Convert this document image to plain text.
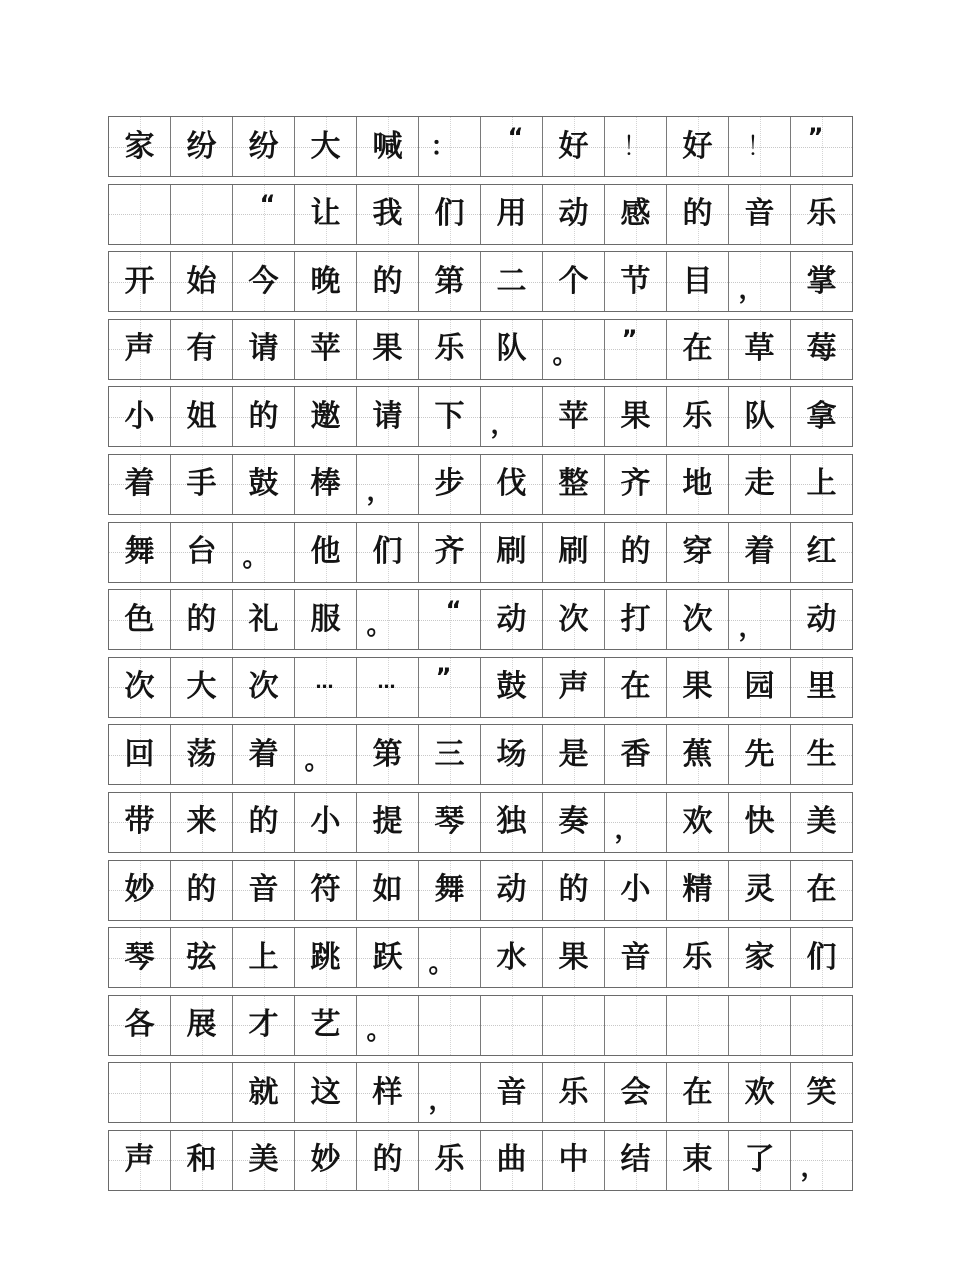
家 纷 纷 大 喊 ： “ 好 ！ 好 ！ ”
“ 让 我 们 用 动 感 的 音 乐
开 始 今 晚 的 第 二 个 节 目 ， 掌
声 有 请 苹 果 乐 队 。
” 在 草 莓
小 姐 的 邀 请 下 ， 苹 果 乐 队 拿
着 手 鼓 棒 ， 步 伐 整 齐 地 走 上
舞 台 。 他 们 齐 刷 刷 的 穿 着 红
色 的 礼 服 。
“ 动 次 打 次 ， 动
次 大 次 …	… ” 鼓 声 在 果 园 里
回 荡 着 。 第 三 场 是 香 蕉 先 生
带 来 的 小 提 琴 独 奏 ， 欢 快 美
妙 的 音 符 如 舞 动 的 小 精 灵 在
琴 弦 上 跳 跃 。 水 果 音 乐 家 们
各 展 才 艺 。
就 这 样 ， 音 乐 会 在 欢 笑
声 和 美 妙 的 乐 曲 中 结 束 了 ，
